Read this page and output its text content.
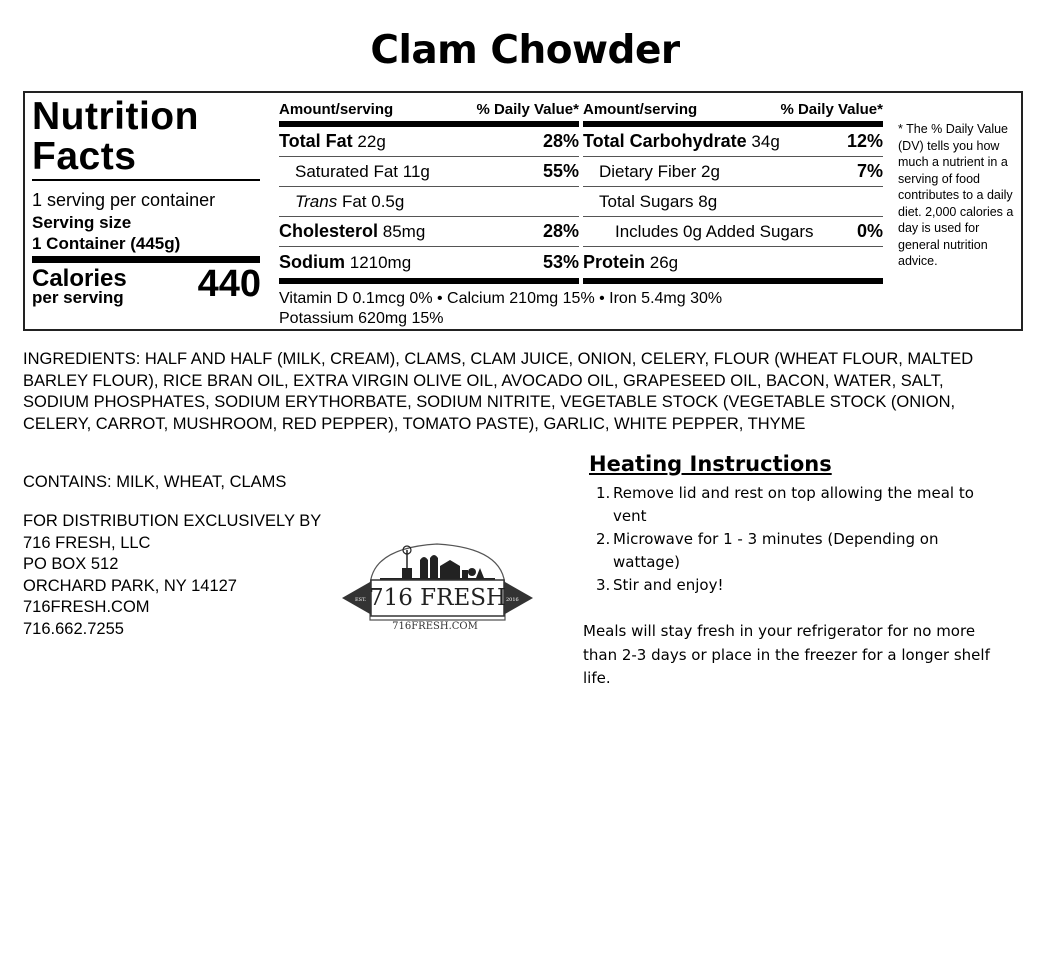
Clam Chowder
Nutrition
Facts
1 serving per container
Serving size
1 Container (445g)
Calories
per serving	440
Amount/serving	% Daily Value*
Total Fat 22g	28%
Saturated Fat 11g	55%
Trans Fat 0.5g
Cholesterol 85mg	28%
Sodium 1210mg	53%
Amount/serving	% Daily Value*
Total Carbohydrate 34g	12%
Dietary Fiber 2g	7%
Total Sugars 8g
Includes 0g Added Sugars 0%
Protein 26g
Vitamin D 0.1mcg 0% • Calcium 210mg 15% • Iron 5.4mg 30%
Potassium 620mg 15%
* The % Daily Value (DV) tells you how much a nutrient in a serving of food contributes to a daily diet. 2,000 calories a day is used for general nutrition advice.
INGREDIENTS: HALF AND HALF (MILK, CREAM), CLAMS, CLAM JUICE, ONION, CELERY, FLOUR (WHEAT FLOUR, MALTED BARLEY FLOUR), RICE BRAN OIL, EXTRA VIRGIN OLIVE OIL, AVOCADO OIL, GRAPESEED OIL, BACON, WATER, SALT, SODIUM PHOSPHATES, SODIUM ERYTHORBATE, SODIUM NITRITE, VEGETABLE STOCK (VEGETABLE STOCK (ONION, CELERY, CARROT, MUSHROOM, RED PEPPER), TOMATO PASTE), GARLIC, WHITE PEPPER, THYME
CONTAINS: MILK, WHEAT, CLAMS
FOR DISTRIBUTION EXCLUSIVELY BY
716 FRESH, LLC
PO BOX 512
ORCHARD PARK, NY 14127
716FRESH.COM
716.662.7255
EST.	2016
716 FRESH
716FRESH.COM
Heating Instructions
1. Remove lid and rest on top allowing the meal to vent
2. Microwave for 1 - 3 minutes (Depending on wattage)
3. Stir and enjoy!
Meals will stay fresh in your refrigerator for no more than 2-3 days or place in the freezer for a longer shelf life.
